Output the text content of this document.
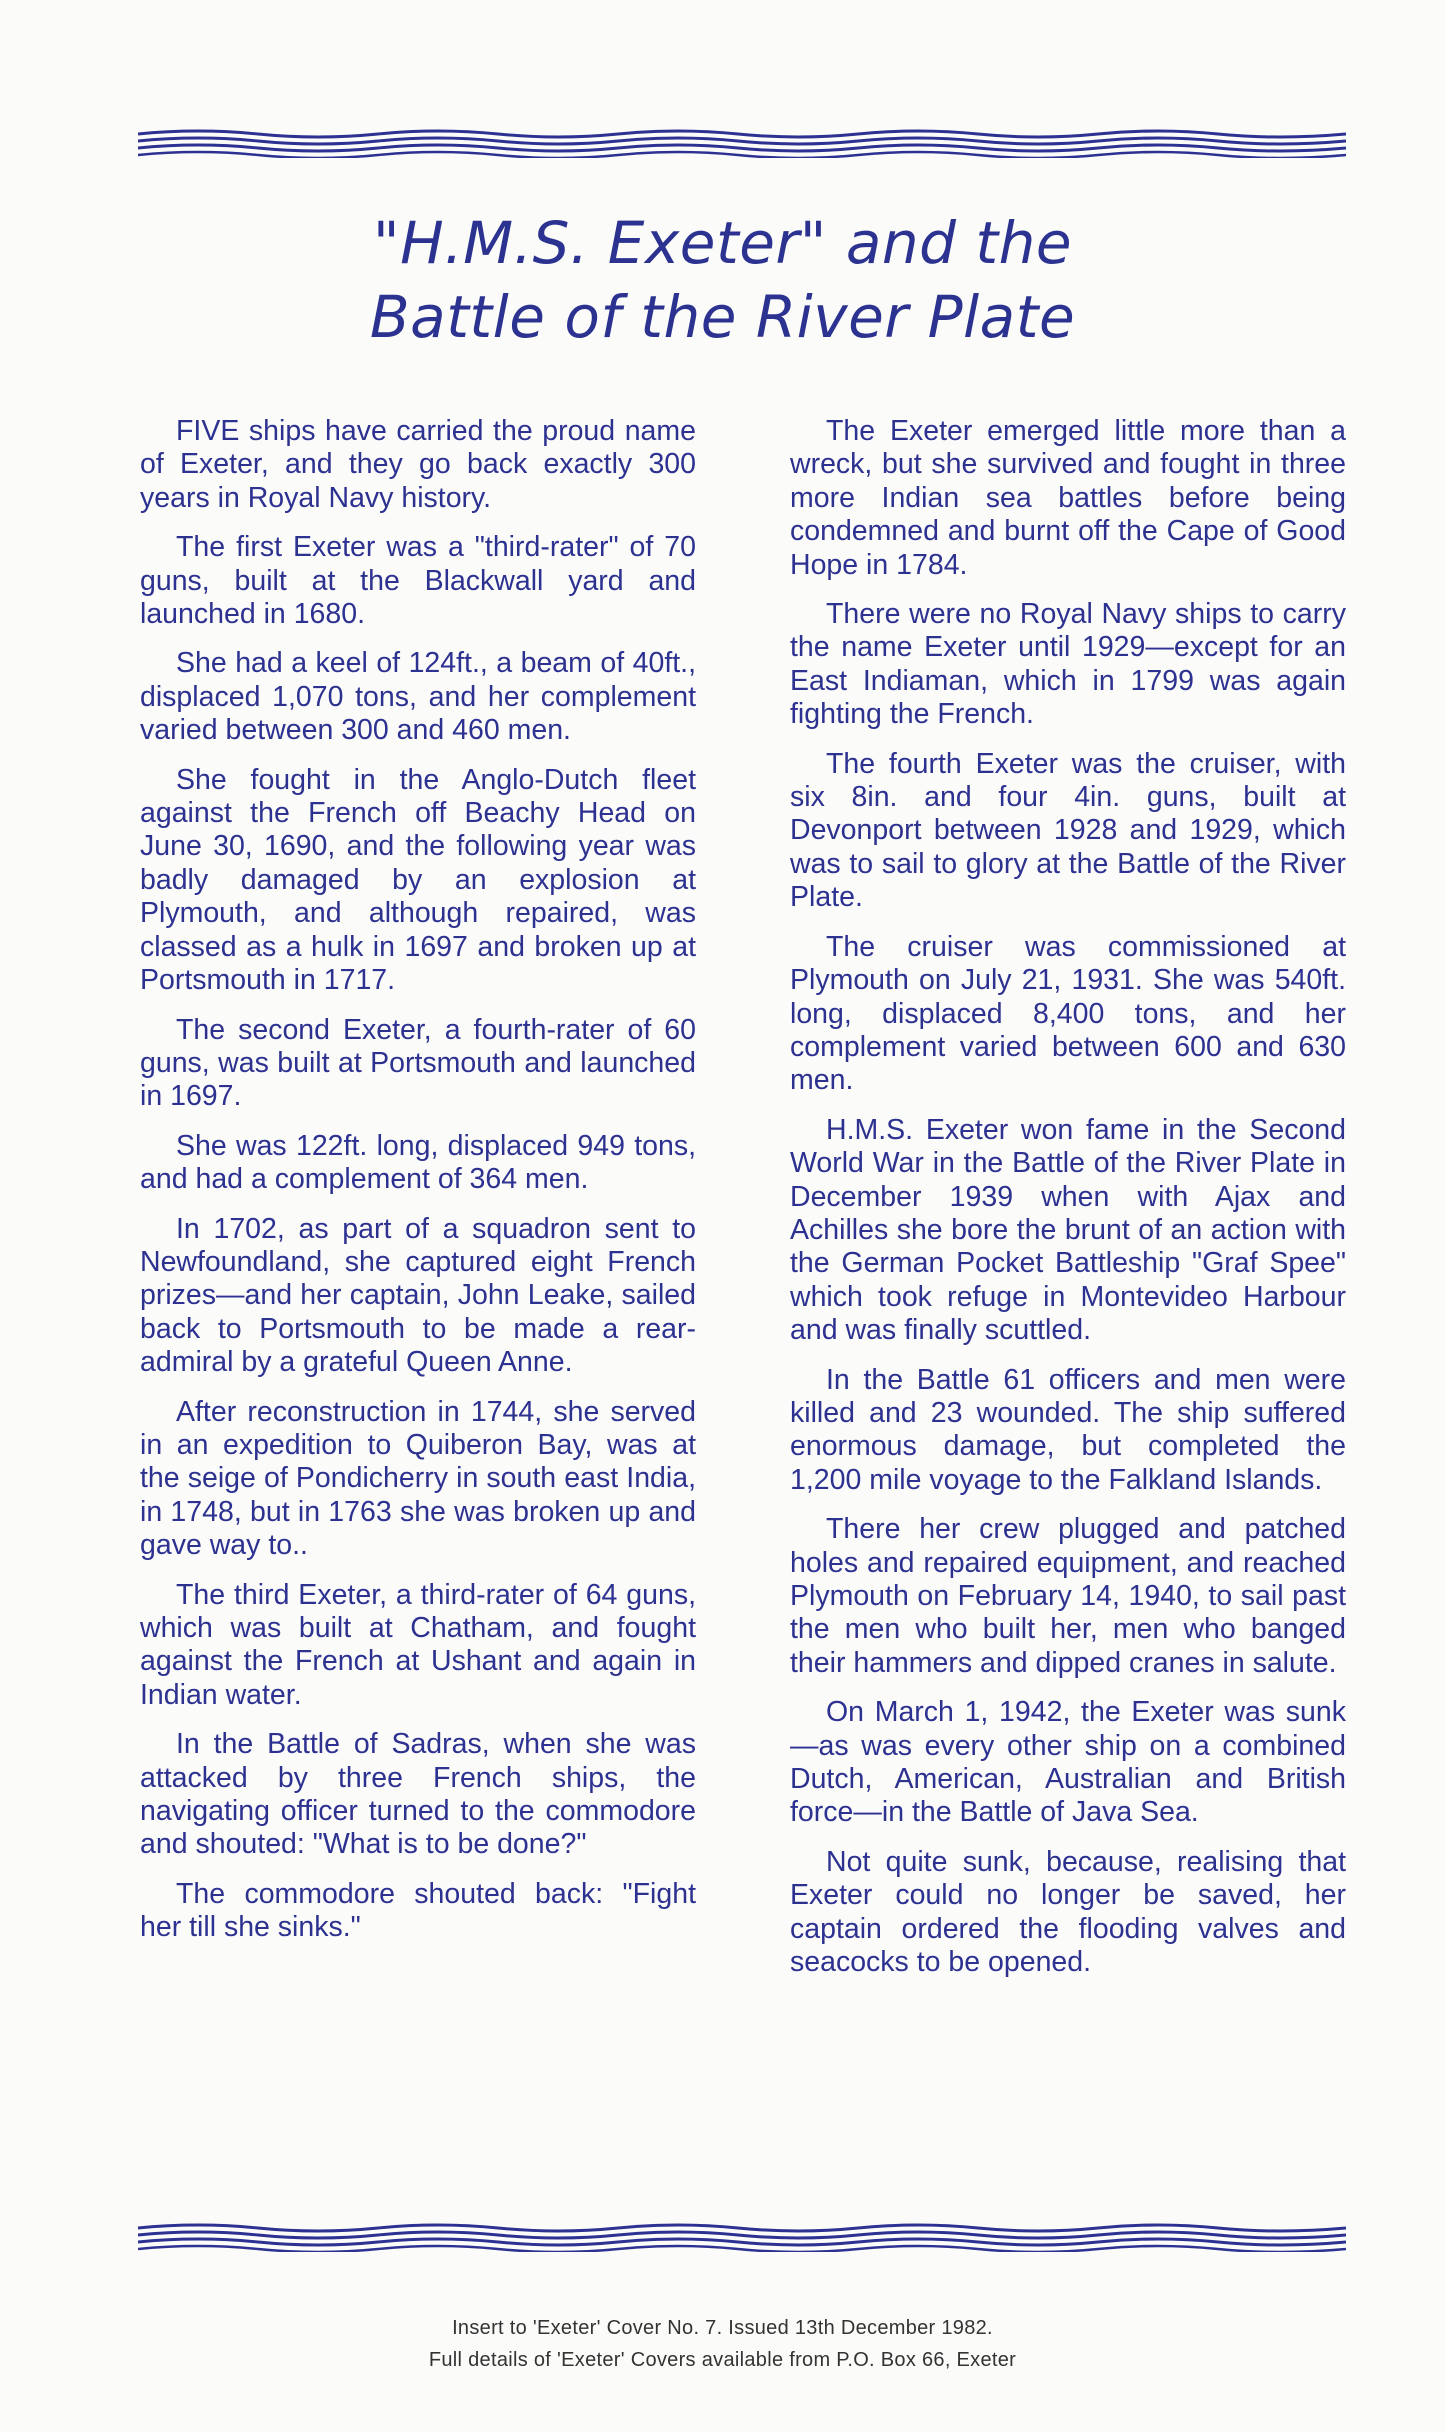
"H.M.S. Exeter" and the
Battle of the River Plate

FIVE ships have carried the proud name of Exeter, and they go back exactly 300 years in Royal Navy history.

The first Exeter was a "third-rater" of 70 guns, built at the Blackwall yard and launched in 1680.

She had a keel of 124ft., a beam of 40ft., displaced 1,070 tons, and her complement varied between 300 and 460 men.

She fought in the Anglo-Dutch fleet against the French off Beachy Head on June 30, 1690, and the following year was badly damaged by an explosion at Plymouth, and although repaired, was classed as a hulk in 1697 and broken up at Portsmouth in 1717.

The second Exeter, a fourth-rater of 60 guns, was built at Portsmouth and launched in 1697.

She was 122ft. long, displaced 949 tons, and had a complement of 364 men.

In 1702, as part of a squadron sent to Newfoundland, she captured eight French prizes—and her captain, John Leake, sailed back to Portsmouth to be made a rear-admiral by a grateful Queen Anne.

After reconstruction in 1744, she served in an expedition to Quiberon Bay, was at the seige of Pondicherry in south east India, in 1748, but in 1763 she was broken up and gave way to..

The third Exeter, a third-rater of 64 guns, which was built at Chatham, and fought against the French at Ushant and again in Indian water.

In the Battle of Sadras, when she was attacked by three French ships, the navigating officer turned to the commodore and shouted: "What is to be done?"

The commodore shouted back: "Fight her till she sinks."

The Exeter emerged little more than a wreck, but she survived and fought in three more Indian sea battles before being condemned and burnt off the Cape of Good Hope in 1784.

There were no Royal Navy ships to carry the name Exeter until 1929—except for an East Indiaman, which in 1799 was again fighting the French.

The fourth Exeter was the cruiser, with six 8in. and four 4in. guns, built at Devonport between 1928 and 1929, which was to sail to glory at the Battle of the River Plate.

The cruiser was commissioned at Plymouth on July 21, 1931. She was 540ft. long, displaced 8,400 tons, and her complement varied between 600 and 630 men.

H.M.S. Exeter won fame in the Second World War in the Battle of the River Plate in December 1939 when with Ajax and Achilles she bore the brunt of an action with the German Pocket Battleship "Graf Spee" which took refuge in Montevideo Harbour and was finally scuttled.

In the Battle 61 officers and men were killed and 23 wounded. The ship suffered enormous damage, but completed the 1,200 mile voyage to the Falkland Islands.

There her crew plugged and patched holes and repaired equipment, and reached Plymouth on February 14, 1940, to sail past the men who built her, men who banged their hammers and dipped cranes in salute.

On March 1, 1942, the Exeter was sunk—as was every other ship on a combined Dutch, American, Australian and British force—in the Battle of Java Sea.

Not quite sunk, because, realising that Exeter could no longer be saved, her captain ordered the flooding valves and seacocks to be opened.

Insert to 'Exeter' Cover No. 7. Issued 13th December 1982.
Full details of 'Exeter' Covers available from P.O. Box 66, Exeter
